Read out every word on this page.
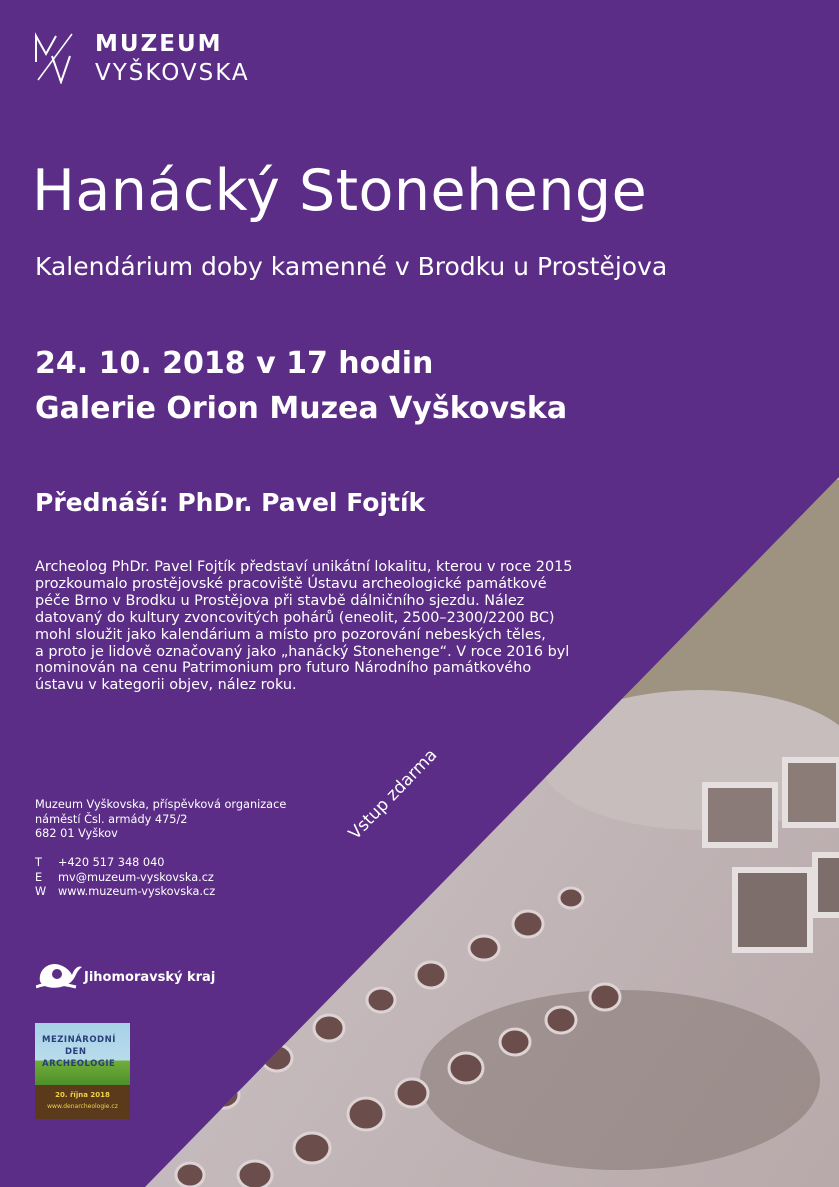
MUZEUM
VYŠKOVSKA
Hanácký Stonehenge
Kalendárium doby kamenné v Brodku u Prostějova
24. 10. 2018 v 17 hodin
Galerie Orion Muzea Vyškovska
Přednáší: PhDr. Pavel Fojtík
Archeolog PhDr. Pavel Fojtík představí unikátní lokalitu, kterou v roce 2015
prozkoumalo prostějovské pracoviště Ústavu archeologické památkové
péče Brno v Brodku u Prostějova při stavbě dálničního sjezdu. Nález
datovaný do kultury zvoncovitých pohárů (eneolit, 2500–2300/2200 BC)
mohl sloužit jako kalendárium a místo pro pozorování nebeských těles,
a proto je lidově označovaný jako „hanácký Stonehenge“. V roce 2016 byl
nominován na cenu Patrimonium pro futuro Národního památkového
ústavu v kategorii objev, nález roku.
Muzeum Vyškovska, příspěvková organizace
náměstí Čsl. armády 475/2
682 01 Vyškov
T	+420 517 348 040
E	mv@muzeum-vyskovska.cz
W	www.muzeum-vyskovska.cz
Vstup zdarma
Jihomoravský kraj
MEZINÁRODNÍ
DEN
ARCHEOLOGIE
20. října 2018
www.denarcheologie.cz
